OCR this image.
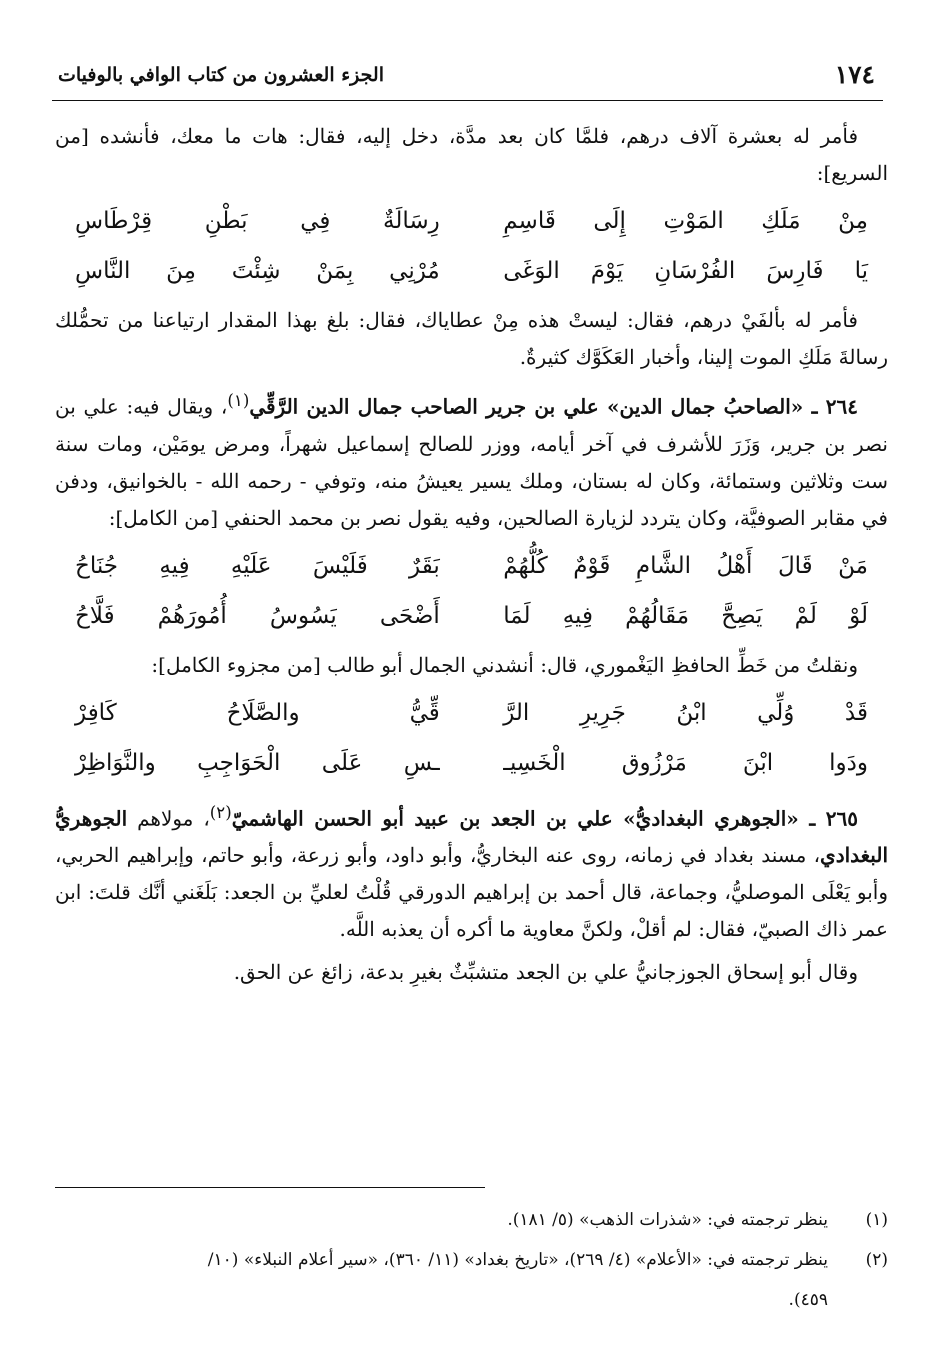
١٧٤
الجزء العشرون من كتاب الوافي بالوفيات

فأمر له بعشرة آلاف درهم، فلمَّا كان بعد مدَّة، دخل إليه، فقال: هات ما معك، فأنشده [من السريع]:

مِنْ مَلَكِ المَوْتِ إِلَى قَاسِمِ
رِسَالَةٌ فِي بَطْنِ قِرْطَاسِ
يَا فَارِسَ الفُرْسَانِ يَوْمَ الوَغَى
مُرْنِي بِمَنْ شِئْتَ مِنَ النَّاسِ

فأمر له بألفَيْ درهم، فقال: ليستْ هذه مِنْ عطاياك، فقال: بلغ بهذا المقدار ارتياعنا من تحمُّلك رسالةَ مَلَكِ الموت إلينا، وأخبار العَكَوَّك كثيرةٌ.

٢٦٤ ـ «الصاحبُ جمال الدين» علي بن جرير الصاحب جمال الدين الرَّقِّي$^{(١)}$، ويقال فيه: علي بن نصر بن جرير، وَزَرَ للأشرف في آخر أيامه، ووزر للصالح إسماعيل شهراً، ومرض يومَيْن، ومات سنة ست وثلاثين وستمائة، وكان له بستان، وملك يسير يعيشُ منه، وتوفي - رحمه الله - بالخوانيق، ودفن في مقابر الصوفيَّة، وكان يتردد لزيارة الصالحين، وفيه يقول نصر بن محمد الحنفي [من الكامل]:

مَنْ قَالَ أَهْلُ الشَّامِ قَوْمٌ كُلُّهُمْ
بَقَرٌ فَلَيْسَ عَلَيْهِ فِيهِ جُنَاحُ
لَوْ لَمْ يَصِحَّ مَقَالُهُمْ فِيهِ لَمَا
أَضْحَى يَسُوسُ أُمُورَهُمْ فَلَّاحُ

ونقلتُ من خَطِّ الحافظِ اليَغْموري، قال: أنشدني الجمال أبو طالب [من مجزوء الكامل]:

قَدْ وُلِّي ابْنُ جَرِيرِ الرَّ
قِّيُّ والصَّلَاحُ كَافِرْ
ودَوا ابْنَ مَرْزُوق الْخَسِيـ
ـسِ عَلَى الْحَوَاجِبِ والنَّوَاظِرْ

٢٦٥ ـ «الجوهري البغداديُّ» علي بن الجعد بن عبيد أبو الحسن الهاشميّ$^{(٢)}$، مولاهم الجوهريُّ البغدادي، مسند بغداد في زمانه، روى عنه البخاريُّ، وأبو داود، وأبو زرعة، وأبو حاتم، وإبراهيم الحربي، وأبو يَعْلَى الموصليُّ، وجماعة، قال أحمد بن إبراهيم الدورقي قُلْتُ لعليِّ بن الجعد: بَلَغَني أنَّك قلتَ: ابن عمر ذاك الصبيّ، فقال: لم أقلْ، ولكنَّ معاوية ما أكره أن يعذبه اللَّه.

وقال أبو إسحاق الجوزجانيُّ علي بن الجعد متشبِّثٌ بغيرِ بدعة، زائغ عن الحق.

(١)
ينظر ترجمته في: «شذرات الذهب» (٥/ ١٨١).
(٢)
ينظر ترجمته في: «الأعلام» (٤/ ٢٦٩)، «تاريخ بغداد» (١١/ ٣٦٠)، «سير أعلام النبلاء» (١٠/
٤٥٩).
